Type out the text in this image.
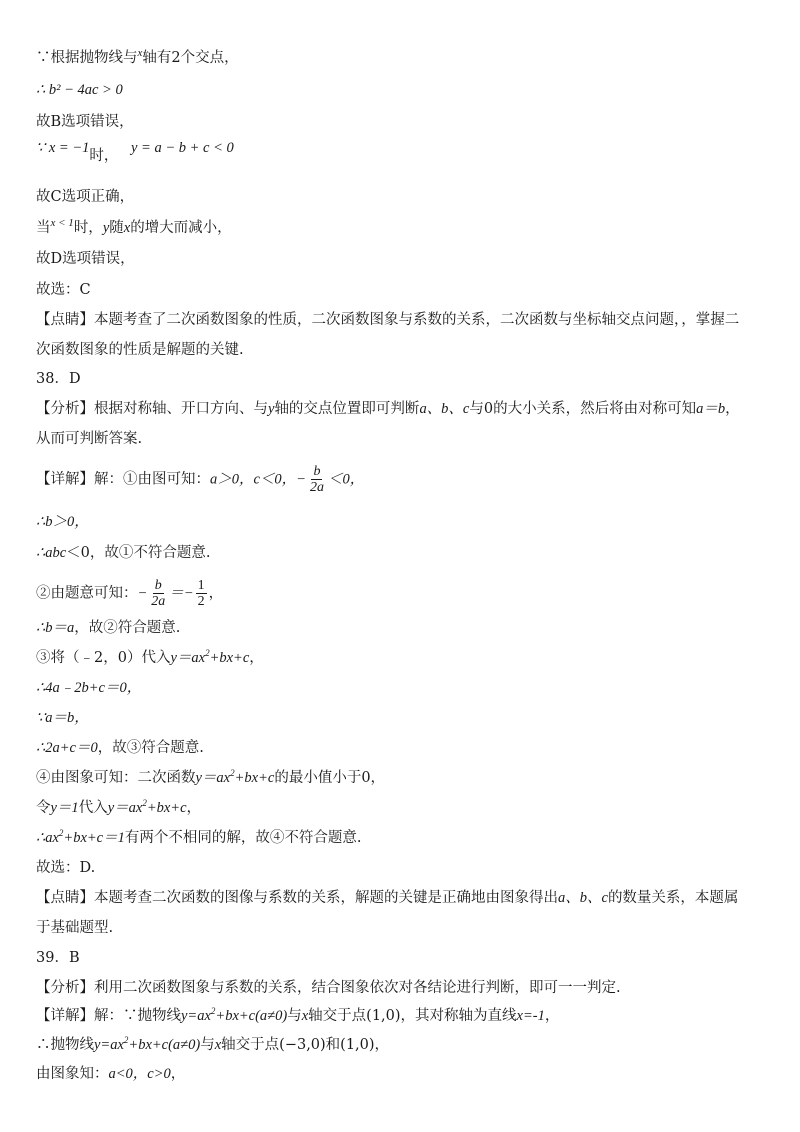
∵根据抛物线与$^x$轴有2个交点，
∴ b² − 4ac > 0
故B选项错误，
∵ x = −1时， y = a − b + c < 0
故C选项正确，
当$^{x < 1}$时，y随x的增大而减小，
故D选项错误，
故选：C
【点睛】本题考查了二次函数图象的性质，二次函数图象与系数的关系，二次函数与坐标轴交点问题，，掌握二
次函数图象的性质是解题的关键.
38．D
【分析】根据对称轴、开口方向、与y轴的交点位置即可判断a、b、c与0的大小关系，然后将由对称可知a＝b，
从而可判断答案.
【详解】解：①由图可知：a＞0，c＜0，− $\frac{b}{2a} <0$，
∴b＞0，
∴abc＜0，故①不符合题意.
②由题意可知：− $\frac{b}{2a} =- \frac{1}{2}$ ，
∴b＝a，故②符合题意.
③将（﹣2，0）代入$y=ax^2+bx+c$，
∴4a﹣2b+c＝0，
∵a＝b，
∴2a+c＝0，故③符合题意.
④由图象可知：二次函数$y=ax^2+bx+c$的最小值小于0，
令y＝1代入$y=ax^2+bx+c$，
$\therefore ax^2+bx+c=1$有两个不相同的解，故④不符合题意.
故选：D.
【点睛】本题考查二次函数的图像与系数的关系，解题的关键是正确地由图象得出a、b、c的数量关系，本题属
于基础题型.
39．B
【分析】利用二次函数图象与系数的关系，结合图象依次对各结论进行判断，即可一一判定.
【详解】解：∵抛物线$y=ax^2+bx+c(a\ne 0)$与x轴交于点(1,0)，其对称轴为直线x=-1，
∴抛物线$y=ax^2+bx+c(a\ne 0)$与x轴交于点(−3,0)和(1,0)，
由图象知：a<0，c>0，
